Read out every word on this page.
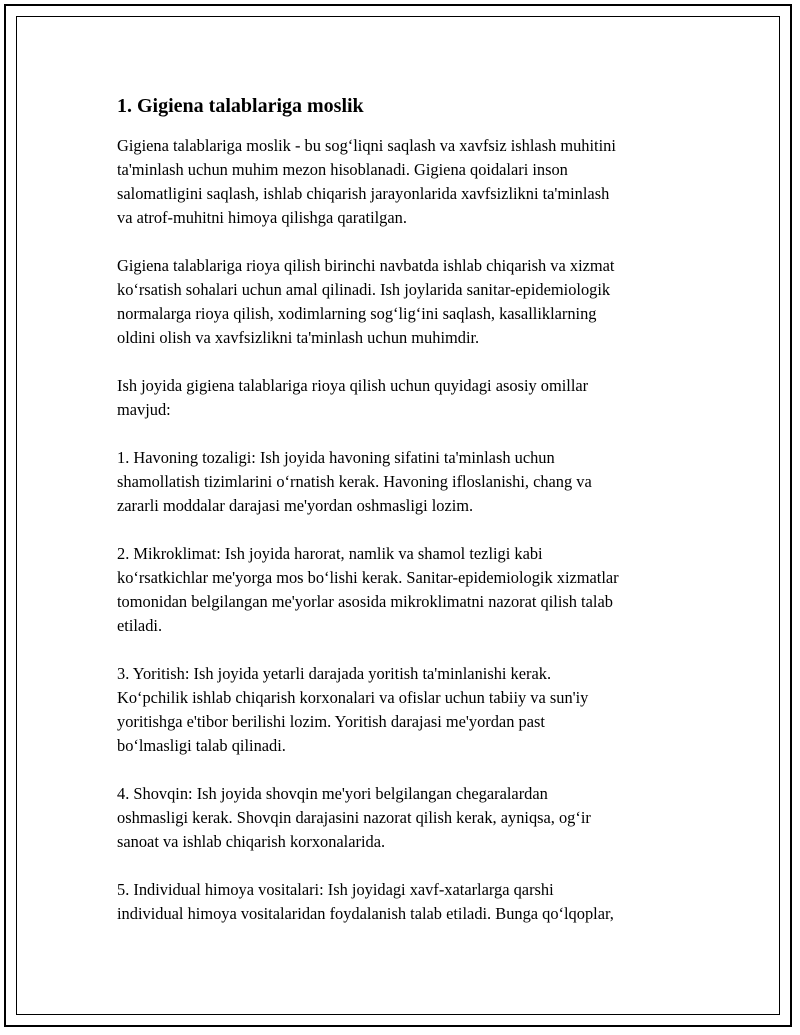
1. Gigiena talablariga moslik

Gigiena talablariga moslik - bu sog‘liqni saqlash va xavfsiz ishlash muhitini
ta'minlash uchun muhim mezon hisoblanadi. Gigiena qoidalari inson
salomatligini saqlash, ishlab chiqarish jarayonlarida xavfsizlikni ta'minlash
va atrof-muhitni himoya qilishga qaratilgan.

Gigiena talablariga rioya qilish birinchi navbatda ishlab chiqarish va xizmat
ko‘rsatish sohalari uchun amal qilinadi. Ish joylarida sanitar-epidemiologik
normalarga rioya qilish, xodimlarning sog‘lig‘ini saqlash, kasalliklarning
oldini olish va xavfsizlikni ta'minlash uchun muhimdir.

Ish joyida gigiena talablariga rioya qilish uchun quyidagi asosiy omillar
mavjud:

1. Havoning tozaligi: Ish joyida havoning sifatini ta'minlash uchun
shamollatish tizimlarini o‘rnatish kerak. Havoning ifloslanishi, chang va
zararli moddalar darajasi me'yordan oshmasligi lozim.

2. Mikroklimat: Ish joyida harorat, namlik va shamol tezligi kabi
ko‘rsatkichlar me'yorga mos bo‘lishi kerak. Sanitar-epidemiologik xizmatlar
tomonidan belgilangan me'yorlar asosida mikroklimatni nazorat qilish talab
etiladi.

3. Yoritish: Ish joyida yetarli darajada yoritish ta'minlanishi kerak.
Ko‘pchilik ishlab chiqarish korxonalari va ofislar uchun tabiiy va sun'iy
yoritishga e'tibor berilishi lozim. Yoritish darajasi me'yordan past
bo‘lmasligi talab qilinadi.

4. Shovqin: Ish joyida shovqin me'yori belgilangan chegaralardan
oshmasligi kerak. Shovqin darajasini nazorat qilish kerak, ayniqsa, og‘ir
sanoat va ishlab chiqarish korxonalarida.

5. Individual himoya vositalari: Ish joyidagi xavf-xatarlarga qarshi
individual himoya vositalaridan foydalanish talab etiladi. Bunga qo‘lqoplar,
